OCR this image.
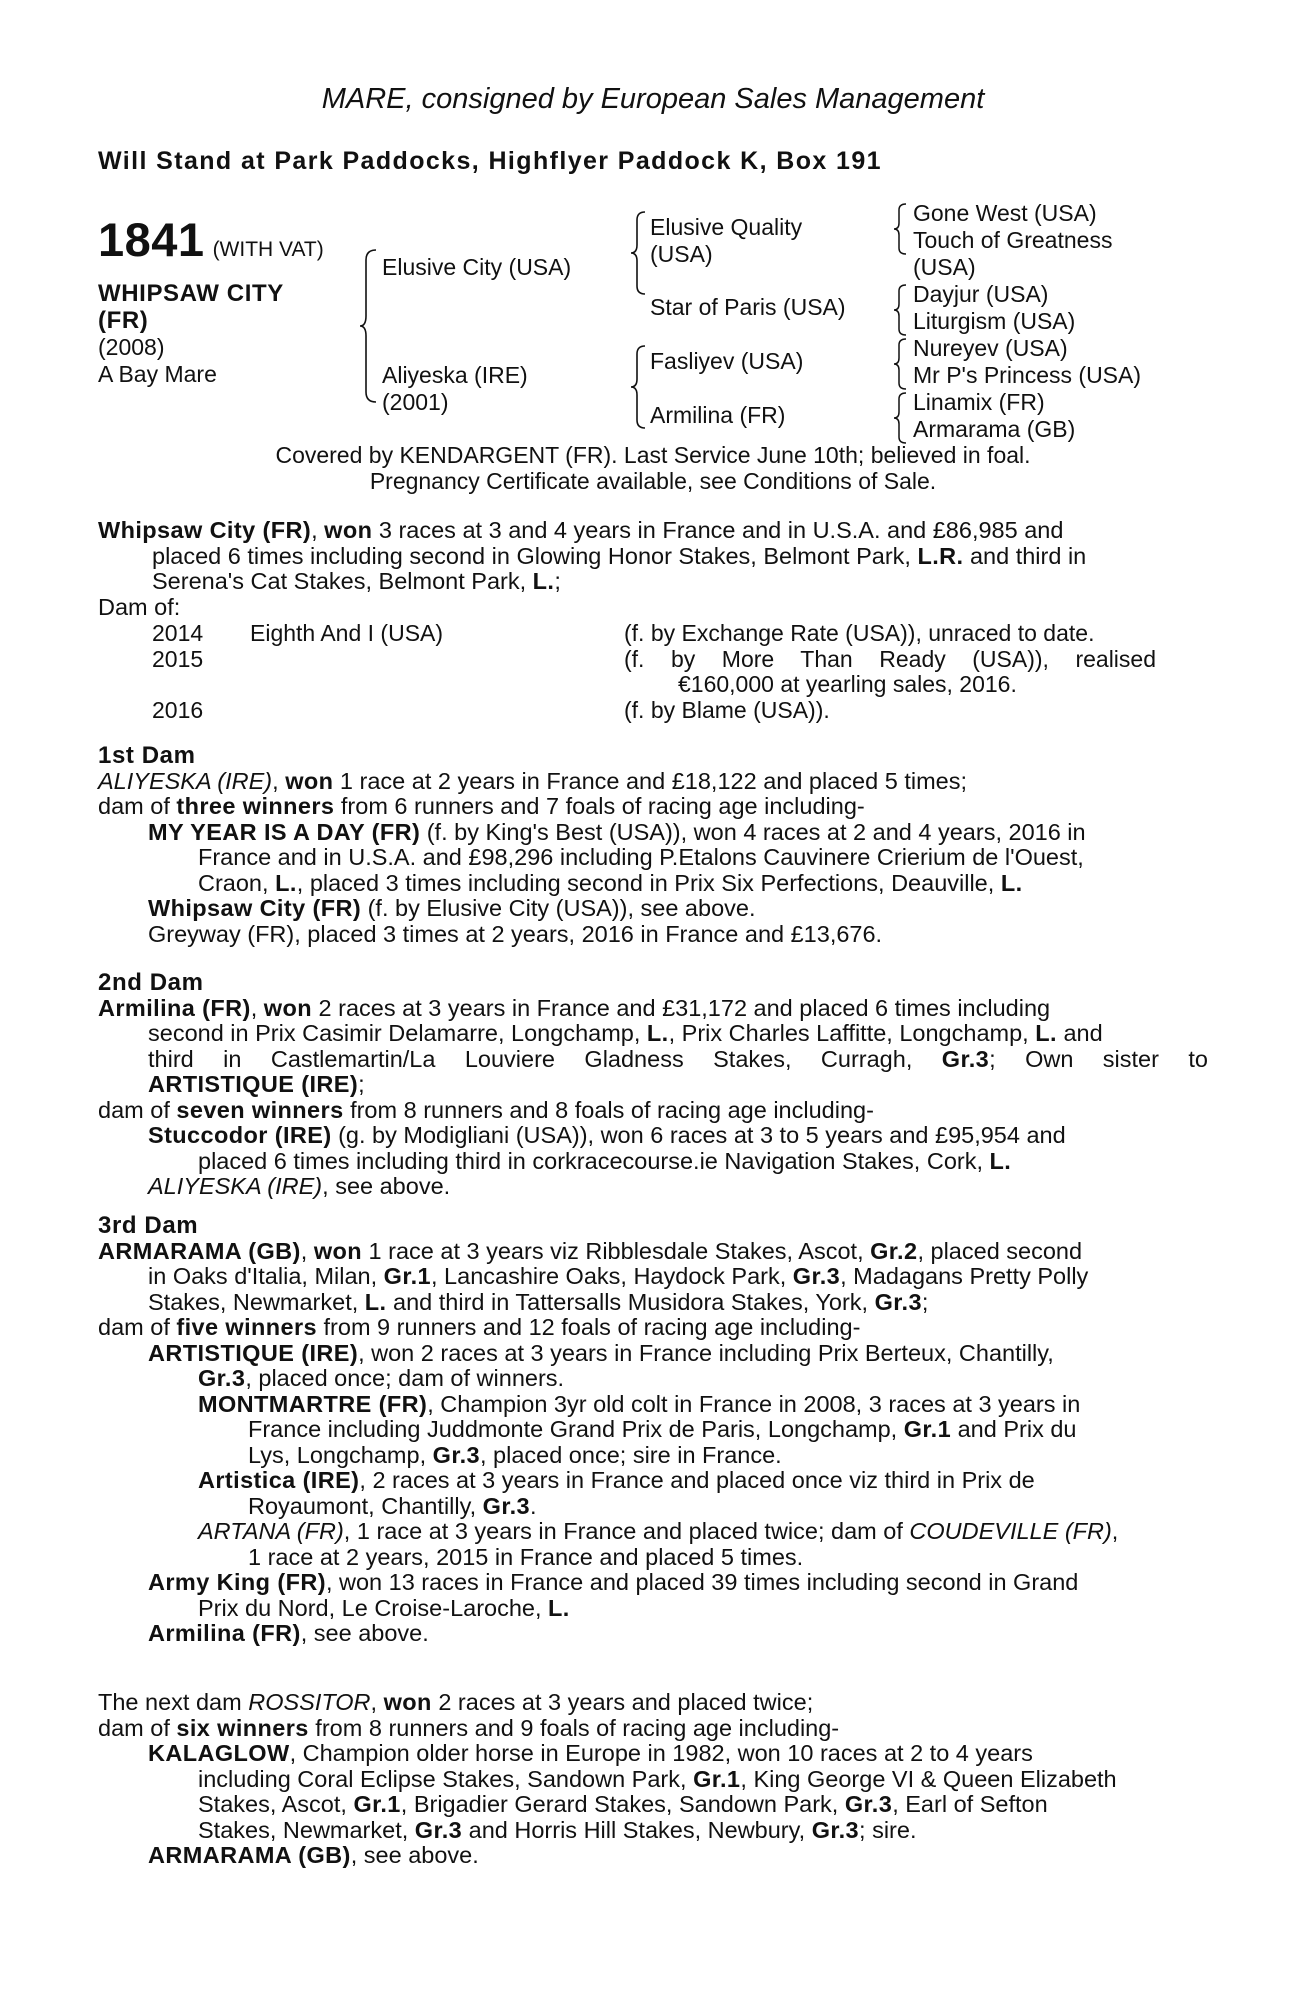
MARE, consigned by European Sales Management
Will Stand at Park Paddocks, Highflyer Paddock K, Box 191
1841 (WITH VAT)
WHIPSAW CITY
(FR)
(2008)
A Bay Mare
Elusive City (USA)
Aliyeska (IRE)
(2001)
Elusive Quality
(USA)
Star of Paris (USA)
Fasliyev (USA)
Armilina (FR)
Gone West (USA)
Touch of Greatness
(USA)
Dayjur (USA)
Liturgism (USA)
Nureyev (USA)
Mr P's Princess (USA)
Linamix (FR)
Armarama (GB)
Covered by KENDARGENT (FR). Last Service June 10th; believed in foal.
Pregnancy Certificate available, see Conditions of Sale.
Whipsaw City (FR), won 3 races at 3 and 4 years in France and in U.S.A. and £86,985 and
placed 6 times including second in Glowing Honor Stakes, Belmont Park, L.R. and third in
Serena's Cat Stakes, Belmont Park, L.;
Dam of:
2014 Eighth And I (USA)	(f. by Exchange Rate (USA)), unraced to date.
2015	(f. by More Than Ready (USA)), realised
€160,000 at yearling sales, 2016.
2016	(f. by Blame (USA)).
1st Dam
ALIYESKA (IRE), won 1 race at 2 years in France and £18,122 and placed 5 times;
dam of three winners from 6 runners and 7 foals of racing age including-
MY YEAR IS A DAY (FR) (f. by King's Best (USA)), won 4 races at 2 and 4 years, 2016 in
France and in U.S.A. and £98,296 including P.Etalons Cauvinere Crierium de l'Ouest,
Craon, L., placed 3 times including second in Prix Six Perfections, Deauville, L.
Whipsaw City (FR) (f. by Elusive City (USA)), see above.
Greyway (FR), placed 3 times at 2 years, 2016 in France and £13,676.
2nd Dam
Armilina (FR), won 2 races at 3 years in France and £31,172 and placed 6 times including
second in Prix Casimir Delamarre, Longchamp, L., Prix Charles Laffitte, Longchamp, L. and
third in Castlemartin/La Louviere Gladness Stakes, Curragh, Gr.3; Own sister to
ARTISTIQUE (IRE);
dam of seven winners from 8 runners and 8 foals of racing age including-
Stuccodor (IRE) (g. by Modigliani (USA)), won 6 races at 3 to 5 years and £95,954 and
placed 6 times including third in corkracecourse.ie Navigation Stakes, Cork, L.
ALIYESKA (IRE), see above.
3rd Dam
ARMARAMA (GB), won 1 race at 3 years viz Ribblesdale Stakes, Ascot, Gr.2, placed second
in Oaks d'Italia, Milan, Gr.1, Lancashire Oaks, Haydock Park, Gr.3, Madagans Pretty Polly
Stakes, Newmarket, L. and third in Tattersalls Musidora Stakes, York, Gr.3;
dam of five winners from 9 runners and 12 foals of racing age including-
ARTISTIQUE (IRE), won 2 races at 3 years in France including Prix Berteux, Chantilly,
Gr.3, placed once; dam of winners.
MONTMARTRE (FR), Champion 3yr old colt in France in 2008, 3 races at 3 years in
France including Juddmonte Grand Prix de Paris, Longchamp, Gr.1 and Prix du
Lys, Longchamp, Gr.3, placed once; sire in France.
Artistica (IRE), 2 races at 3 years in France and placed once viz third in Prix de
Royaumont, Chantilly, Gr.3.
ARTANA (FR), 1 race at 3 years in France and placed twice; dam of COUDEVILLE (FR),
1 race at 2 years, 2015 in France and placed 5 times.
Army King (FR), won 13 races in France and placed 39 times including second in Grand
Prix du Nord, Le Croise-Laroche, L.
Armilina (FR), see above.
The next dam ROSSITOR, won 2 races at 3 years and placed twice;
dam of six winners from 8 runners and 9 foals of racing age including-
KALAGLOW, Champion older horse in Europe in 1982, won 10 races at 2 to 4 years
including Coral Eclipse Stakes, Sandown Park, Gr.1, King George VI & Queen Elizabeth
Stakes, Ascot, Gr.1, Brigadier Gerard Stakes, Sandown Park, Gr.3, Earl of Sefton
Stakes, Newmarket, Gr.3 and Horris Hill Stakes, Newbury, Gr.3; sire.
ARMARAMA (GB), see above.
